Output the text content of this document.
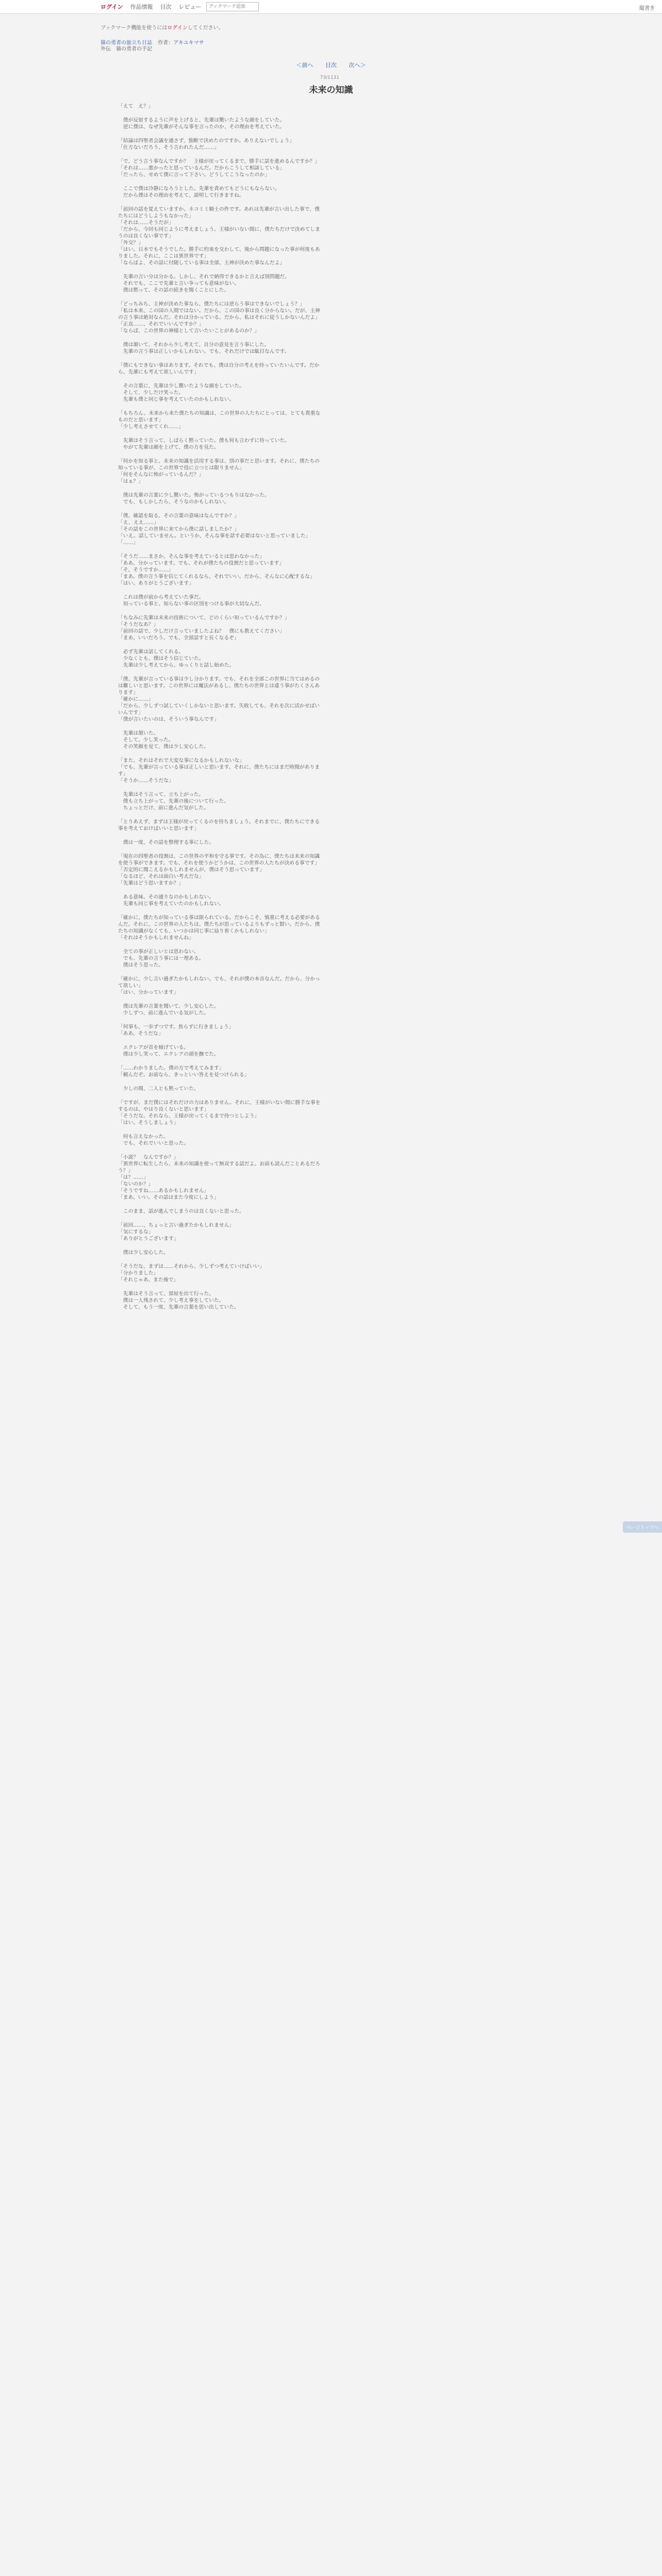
ログイン 作品情報 目次 レビュー
ブックマーク追加	縦書き
ブックマーク機能を使うにはログインしてください。
猫の勇者の旅立ち日誌 作者：アキユキマサ
外伝　猫の勇者の手記
＜前へ 目次 次へ＞
73/1131
未来の知識

「えて　え？」

　僕が反射するように声を上げると、先輩は驚いたような顔をしていた。
　逆に僕は、なぜ先輩がそんな事を言ったのか、その理由を考えていた。

「結論は四聖者会議を通さず、独断で決めたのですか。ありえないでしょう」
「仕方ないだろう、そう言われたんだ……」

「で、どう言う事なんですか？　王様が戻ってくるまで、勝手に話を進めるんですか？」
「それは……悪かったと思っているんだ。だからこうして相談している」
「だったら、せめて僕に言って下さい。どうしてこうなったのか」

　ここで僕は冷静になろうとした。先輩を責めてもどうにもならない。
　だから僕はその理由を考えて、説明して行きますね。

「前回の話を覚えていますか。ネコミミ騎士の件です。あれは先輩が言い出した事で、僕たちにはどうしようもなかった」
「それは……そうだが」
「だから、今回も同じように考えましょう。王様がいない間に、僕たちだけで決めてしまうのは良くない事です」
「外交？」
「はい。日本でもそうでした。勝手に約束を交わして、後から問題になった事が何度もありました。それに、ここは異世界です」
「ならばよ、その話に付随している事は全部、主神が決めた事なんだよ」

　先輩の言い分は分かる。しかし、それで納得できるかと言えば別問題だ。
　それでも、ここで先輩と言い争っても意味がない。
　僕は黙って、その話の続きを聞くことにした。

「どっちみち、主神が決めた事なら、僕たちには逆らう事はできないでしょう？」
「私は本来、この国の人間ではない。だから、この国の事は良く分からない。だが、主神の言う事は絶対なんだ。それは分かっている。だから、私はそれに従うしかないんだよ」
「正直……、それでいいんですか？」
「ならば、この世界の神様として言いたいことがあるのか？」

　僕は頷いて、それから少し考えて、自分の意見を言う事にした。
　先輩の言う事は正しいかもしれない。でも、それだけでは駄目なんです。

「僕にもできない事はあります。それでも、僕は自分の考えを持っていたいんです。だから、先輩にも考えて欲しいんです」

　その言葉に、先輩は少し驚いたような顔をしていた。
　そして、少しだけ笑った。
　先輩も僕と同じ事を考えていたのかもしれない。

「もちろん、未来から来た僕たちの知識は、この世界の人たちにとっては、とても貴重なものだと思います」
「少し考えさせてくれ……」

　先輩はそう言って、しばらく黙っていた。僕も何も言わずに待っていた。
　やがて先輩は顔を上げて、僕の方を見た。

「何かを知る事と、未来の知識を活用する事は、別の事だと思います。それに、僕たちの知っている事が、この世界で役に立つとは限りません」
「何をそんなに怖がっているんだ？」
「はぁ？」

　僕は先輩の言葉に少し驚いた。怖がっているつもりはなかった。
　でも、もしかしたら、そうなのかもしれない。

「僕、確認を取る、その言葉の意味はなんですか？」
「え、ええ……」
「その話をこの世界に来てから僕に話しましたか？」
「いえ。話していません。というか、そんな事を話す必要はないと思っていました」
「……」

「そうだ……まさか、そんな事を考えているとは思わなかった」
「ああ、分かっています。でも、それが僕たちの役割だと思っています」
「そ、そうですか……」
「まあ、僕の言う事を信じてくれるなら、それでいい。だから、そんなに心配するな」
「はい。ありがとうございます」

　これは僕が前から考えていた事だ。
　知っている事と、知らない事の区別をつける事が大切なんだ。

「ちなみに先輩は未来の技術について、どのくらい知っているんですか？」
「そうだなあ？」
「前回の話で、少しだけ言っていましたよね？　僕にも教えてください」
「まあ、いいだろう。でも、全部話すと長くなるぞ」

　必ず先輩は話してくれる。
　少なくとも、僕はそう信じていた。
　先輩は少し考えてから、ゆっくりと話し始めた。

「僕、先輩が言っている事は少し分かります。でも、それを全部この世界に当てはめるのは難しいと思います。この世界には魔法があるし、僕たちの世界とは違う事がたくさんあります」
「確かに……」
「だから、少しずつ試していくしかないと思います。失敗しても、それを次に活かせばいいんです」
「僕が言いたいのは、そういう事なんです」

　先輩は頷いた。
　そして、少し笑った。
　その笑顔を見て、僕は少し安心した。

「また、それはそれで大変な事になるかもしれないな」
「でも、先輩が言っている事は正しいと思います。それに、僕たちにはまだ時間があります」
「そうか……そうだな」

　先輩はそう言って、立ち上がった。
　僕も立ち上がって、先輩の後について行った。
　ちょっとだけ、前に進んだ気がした。

「とりあえず、まずは王様が戻ってくるのを待ちましょう。それまでに、僕たちにできる事を考えておけばいいと思います」

　僕は一度、その話を整理する事にした。

「現在の四聖者の役割は、この世界の平和を守る事です。その為に、僕たちは未来の知識を使う事ができます。でも、それを使うかどうかは、この世界の人たちが決める事です」
「否定的に聞こえるかもしれませんが、僕はそう思っています」
「なるほど、それは面白い考えだな」
「先輩はどう思いますか？」

　ある意味、その通りなのかもしれない。
　先輩も同じ事を考えていたのかもしれない。

「確かに、僕たちが知っている事は限られている。だからこそ、慎重に考える必要があるんだ。それに、この世界の人たちは、僕たちが思っているよりもずっと賢い。だから、僕たちの知識がなくても、いつかは同じ事に辿り着くかもしれない」
「それはそうかもしれませんね」

　全ての事が正しいとは思わない。
　でも、先輩の言う事には一理ある。
　僕はそう思った。

「確かに、少し言い過ぎたかもしれない。でも、それが僕の本音なんだ。だから、分かって欲しい」
「はい、分かっています」

　僕は先輩の言葉を聞いて、少し安心した。
　少しずつ、前に進んでいる気がした。

「何事も、一歩ずつです。焦らずに行きましょう」
「ああ、そうだな」

　エクレアが首を傾げている。
　僕は少し笑って、エクレアの頭を撫でた。

「……わかりました。僕の方で考えてみます」
「頼んだぞ。お前なら、きっといい答えを見つけられる」

　少しの間、二人とも黙っていた。

「ですが、まだ僕にはそれだけの力はありません。それに、王様がいない間に勝手な事をするのは、やはり良くないと思います」
「そうだな。それなら、王様が戻ってくるまで待つとしよう」
「はい。そうしましょう」

　何も言えなかった。
　でも、それでいいと思った。

「小説？　なんですか？」
「異世界に転生したら、未来の知識を使って無双する話だよ。お前も読んだことあるだろう？」
「は？……」
「ないのか？」
「そうですね……あるかもしれません」
「まあ、いい。その話はまた今度にしよう」

　このまま、話が進んでしまうのは良くないと思った。

「前回……、ちょっと言い過ぎたかもしれません」
「気にするな」
「ありがとうございます」

　僕は少し安心した。

「そうだな、まずは……それから、少しずつ考えていけばいい」
「分かりました」
「それじゃあ、また後で」

　先輩はそう言って、部屋を出て行った。
　僕は一人残されて、少し考え事をしていた。
　そして、もう一度、先輩の言葉を思い出していた。

ページトップへ
